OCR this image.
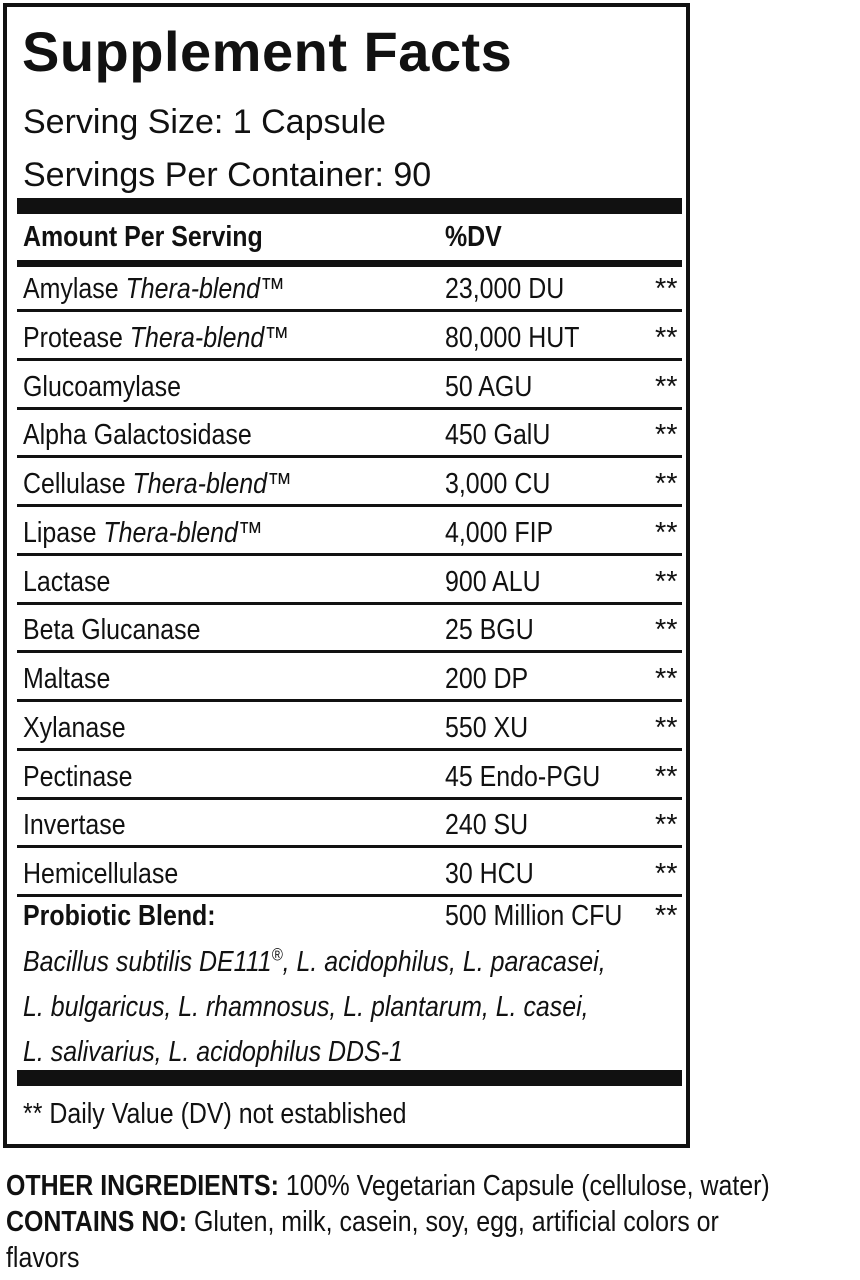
Supplement Facts
Serving Size: 1 Capsule
Servings Per Container: 90
Amount Per Serving	%DV
Amylase Thera-blend™	23,000 DU	**
Protease Thera-blend™	80,000 HUT	**
Glucoamylase	50 AGU	**
Alpha Galactosidase	450 GalU	**
Cellulase Thera-blend™	3,000 CU	**
Lipase Thera-blend™	4,000 FIP	**
Lactase	900 ALU	**
Beta Glucanase	25 BGU	**
Maltase	200 DP	**
Xylanase	550 XU	**
Pectinase	45 Endo-PGU **
Invertase	240 SU	**
Hemicellulase	30 HCU	**
Probiotic Blend:	500 Million CFU **
Bacillus subtilis DE111®, L. acidophilus, L. paracasei,
L. bulgaricus, L. rhamnosus, L. plantarum, L. casei,
L. salivarius, L. acidophilus DDS-1
** Daily Value (DV) not established
OTHER INGREDIENTS: 100% Vegetarian Capsule (cellulose, water)
CONTAINS NO: Gluten, milk, casein, soy, egg, artificial colors or
flavors
